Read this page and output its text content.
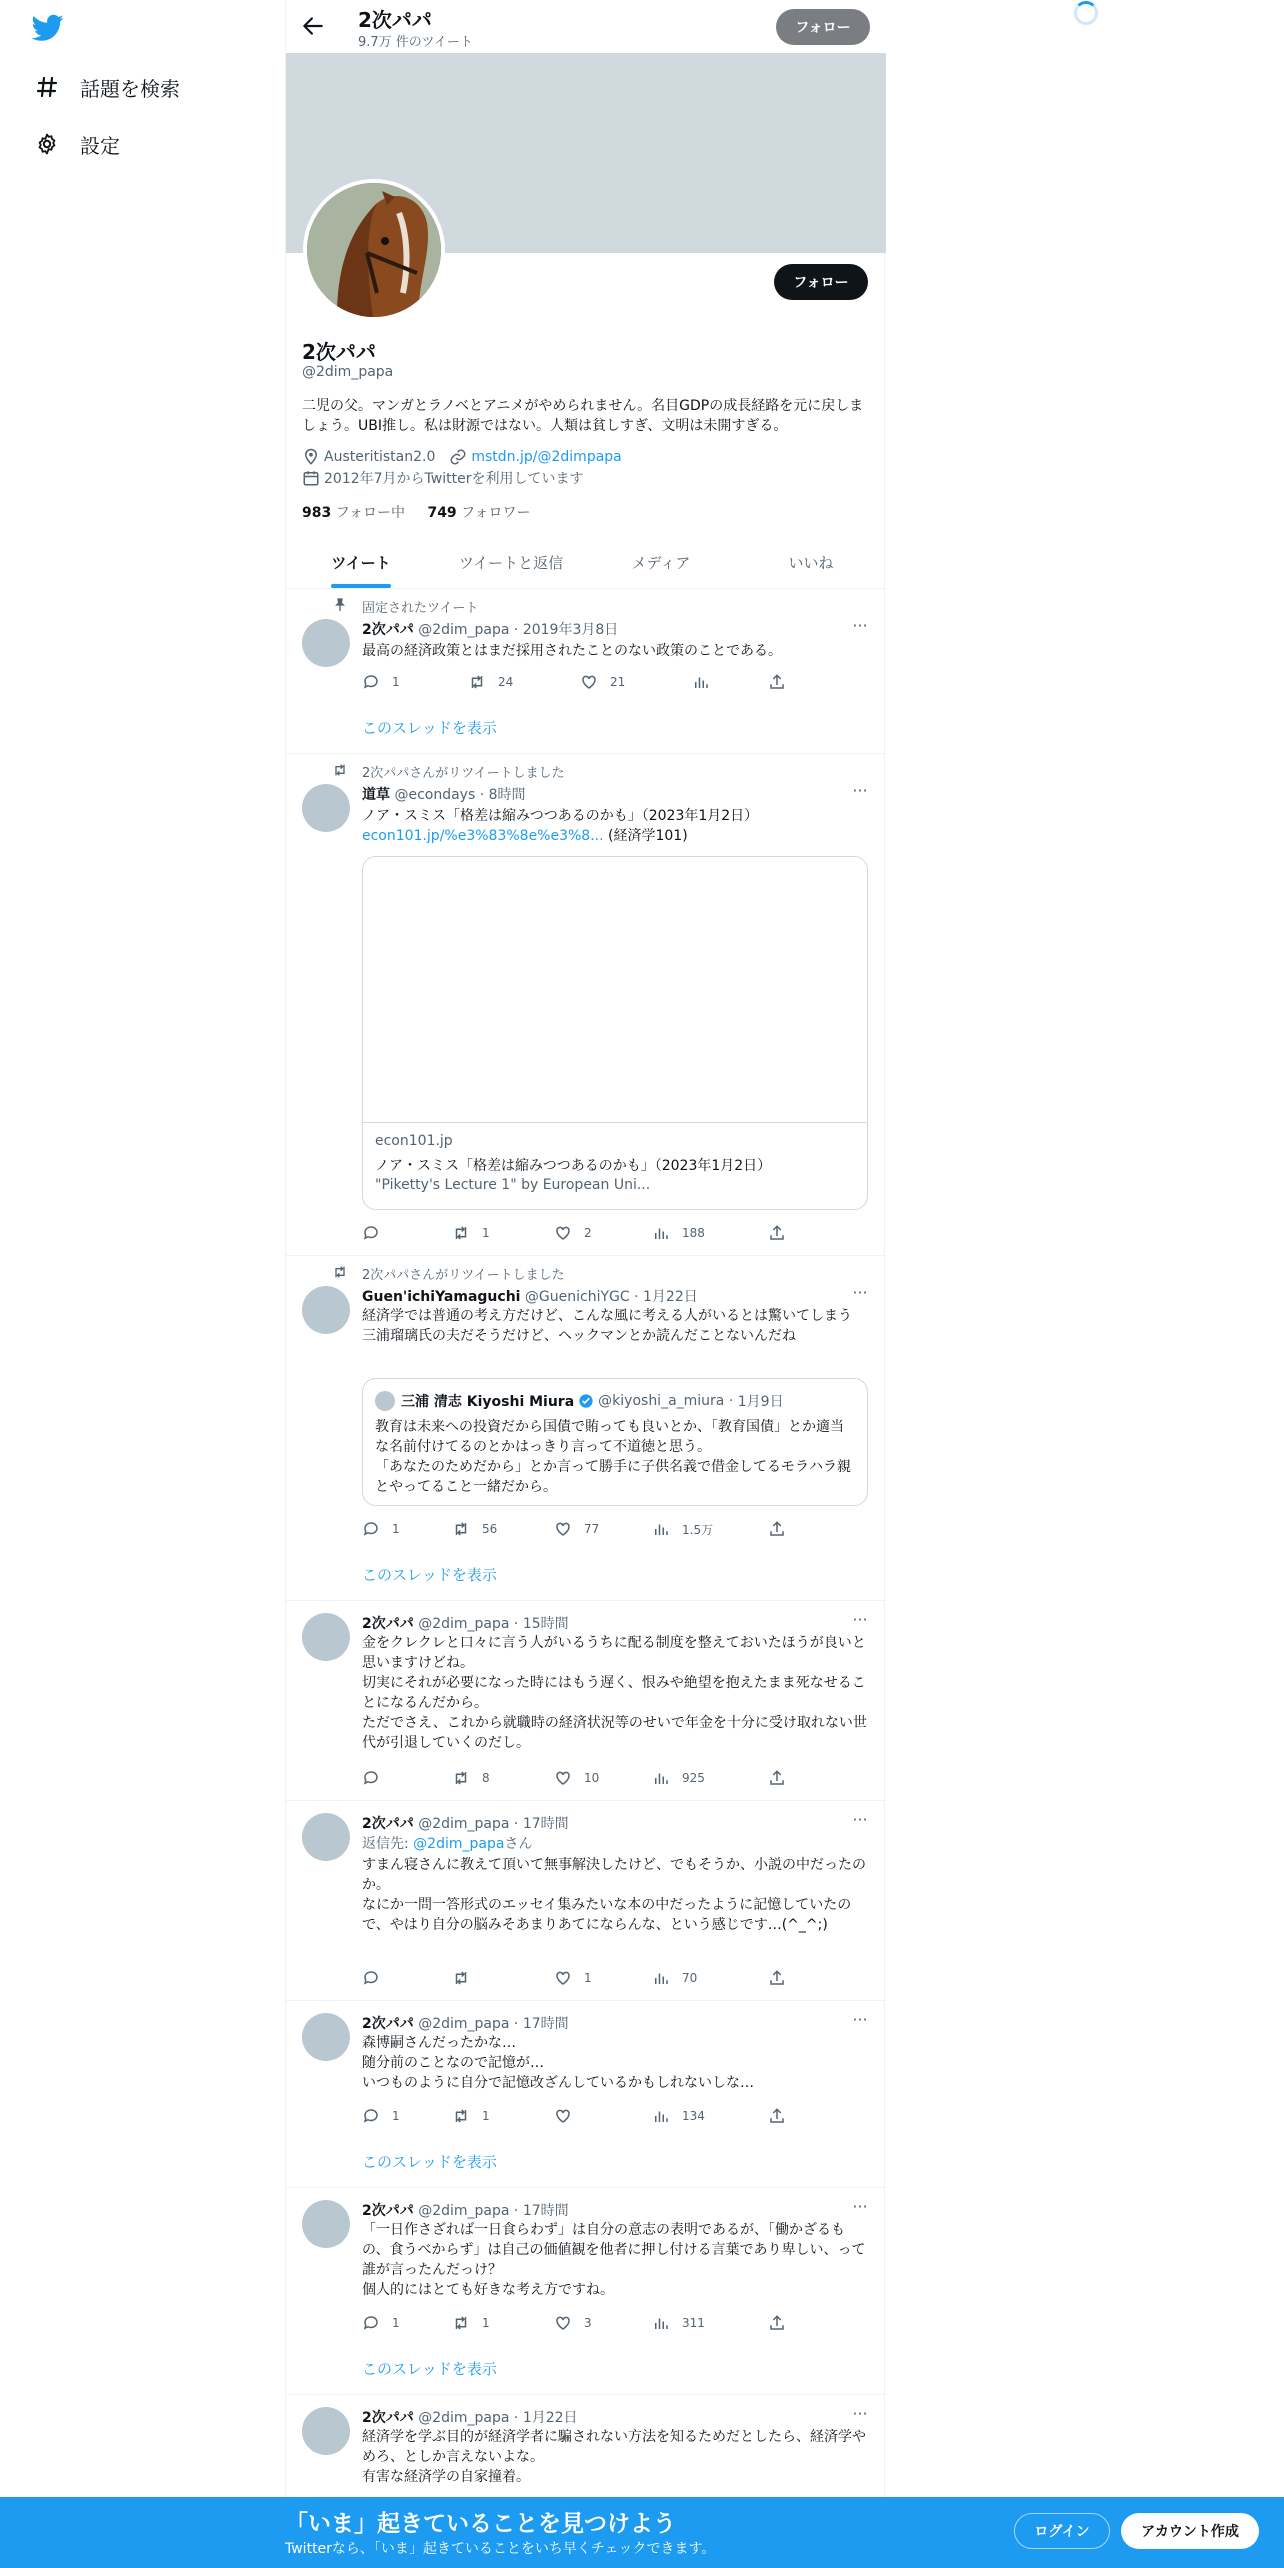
話題を検索
設定
2次パパ
9.7万 件のツイート
フォロー
フォロー
2次パパ
@2dim_papa
二児の父。マンガとラノベとアニメがやめられません。名目GDPの成長経路を元に戻しましょう。UBI推し。私は財源ではない。人類は貧しすぎ、文明は未開すぎる。
Austeritistan2.0	mstdn.jp/@2dimpapa
2012年7月からTwitterを利用しています
983 フォロー中 749 フォロワー
ツイート	ツイートと返信	メディア	いいね
固定されたツイート
2次パパ @2dim_papa · 2019年3月8日	···
最高の経済政策とはまだ採用されたことのない政策のことである。
1	24	21
このスレッドを表示
2次パパさんがリツイートしました
道草 @econdays · 8時間	···
ノア・スミス「格差は縮みつつあるのかも」（2023年1月2日）
econ101.jp/%e3%83%8e%e3%8... (経済学101)
econ101.jp
ノア・スミス「格差は縮みつつあるのかも」（2023年1月2日）
"Piketty's Lecture 1" by European Uni...
1	2	188
2次パパさんがリツイートしました
Guen'ichiYamaguchi @GuenichiYGC · 1月22日	···
経済学では普通の考え方だけど、こんな風に考える人がいるとは驚いてしまう　三浦瑠璃氏の夫だそうだけど、ヘックマンとか読んだことないんだね
三浦 清志 Kiyoshi Miura @kiyoshi_a_miura · 1月9日
教育は未来への投資だから国債で賄っても良いとか、「教育国債」とか適当な名前付けてるのとかはっきり言って不道徳と思う。
「あなたのためだから」とか言って勝手に子供名義で借金してるモラハラ親とやってること一緒だから。
1	56	77	1.5万
このスレッドを表示
2次パパ @2dim_papa · 15時間	···
金をクレクレと口々に言う人がいるうちに配る制度を整えておいたほうが良いと思いますけどね。
切実にそれが必要になった時にはもう遅く、恨みや絶望を抱えたまま死なせることになるんだから。
ただでさえ、これから就職時の経済状況等のせいで年金を十分に受け取れない世代が引退していくのだし。
8	10	925
2次パパ @2dim_papa · 17時間	···
返信先: @2dim_papaさん
すまん寝さんに教えて頂いて無事解決したけど、でもそうか、小説の中だったのか。
なにか一問一答形式のエッセイ集みたいな本の中だったように記憶していたので、やはり自分の脳みそあまりあてにならんな、という感じです…(^_^;)
1	70
2次パパ @2dim_papa · 17時間	···
森博嗣さんだったかな…
随分前のことなので記憶が…
いつものように自分で記憶改ざんしているかもしれないしな…
1	1	134
このスレッドを表示
2次パパ @2dim_papa · 17時間	···
「一日作さざれば一日食らわず」は自分の意志の表明であるが、「働かざるもの、食うべからず」は自己の価値観を他者に押し付ける言葉であり卑しい、って誰が言ったんだっけ？
個人的にはとても好きな考え方ですね。
1	1	3	311
このスレッドを表示
2次パパ @2dim_papa · 1月22日	···
経済学を学ぶ目的が経済学者に騙されない方法を知るためだとしたら、経済学やめろ、としか言えないよな。
有害な経済学の自家撞着。
「いま」起きていることを見つけよう
Twitterなら、「いま」起きていることをいち早くチェックできます。
ログイン	アカウント作成
